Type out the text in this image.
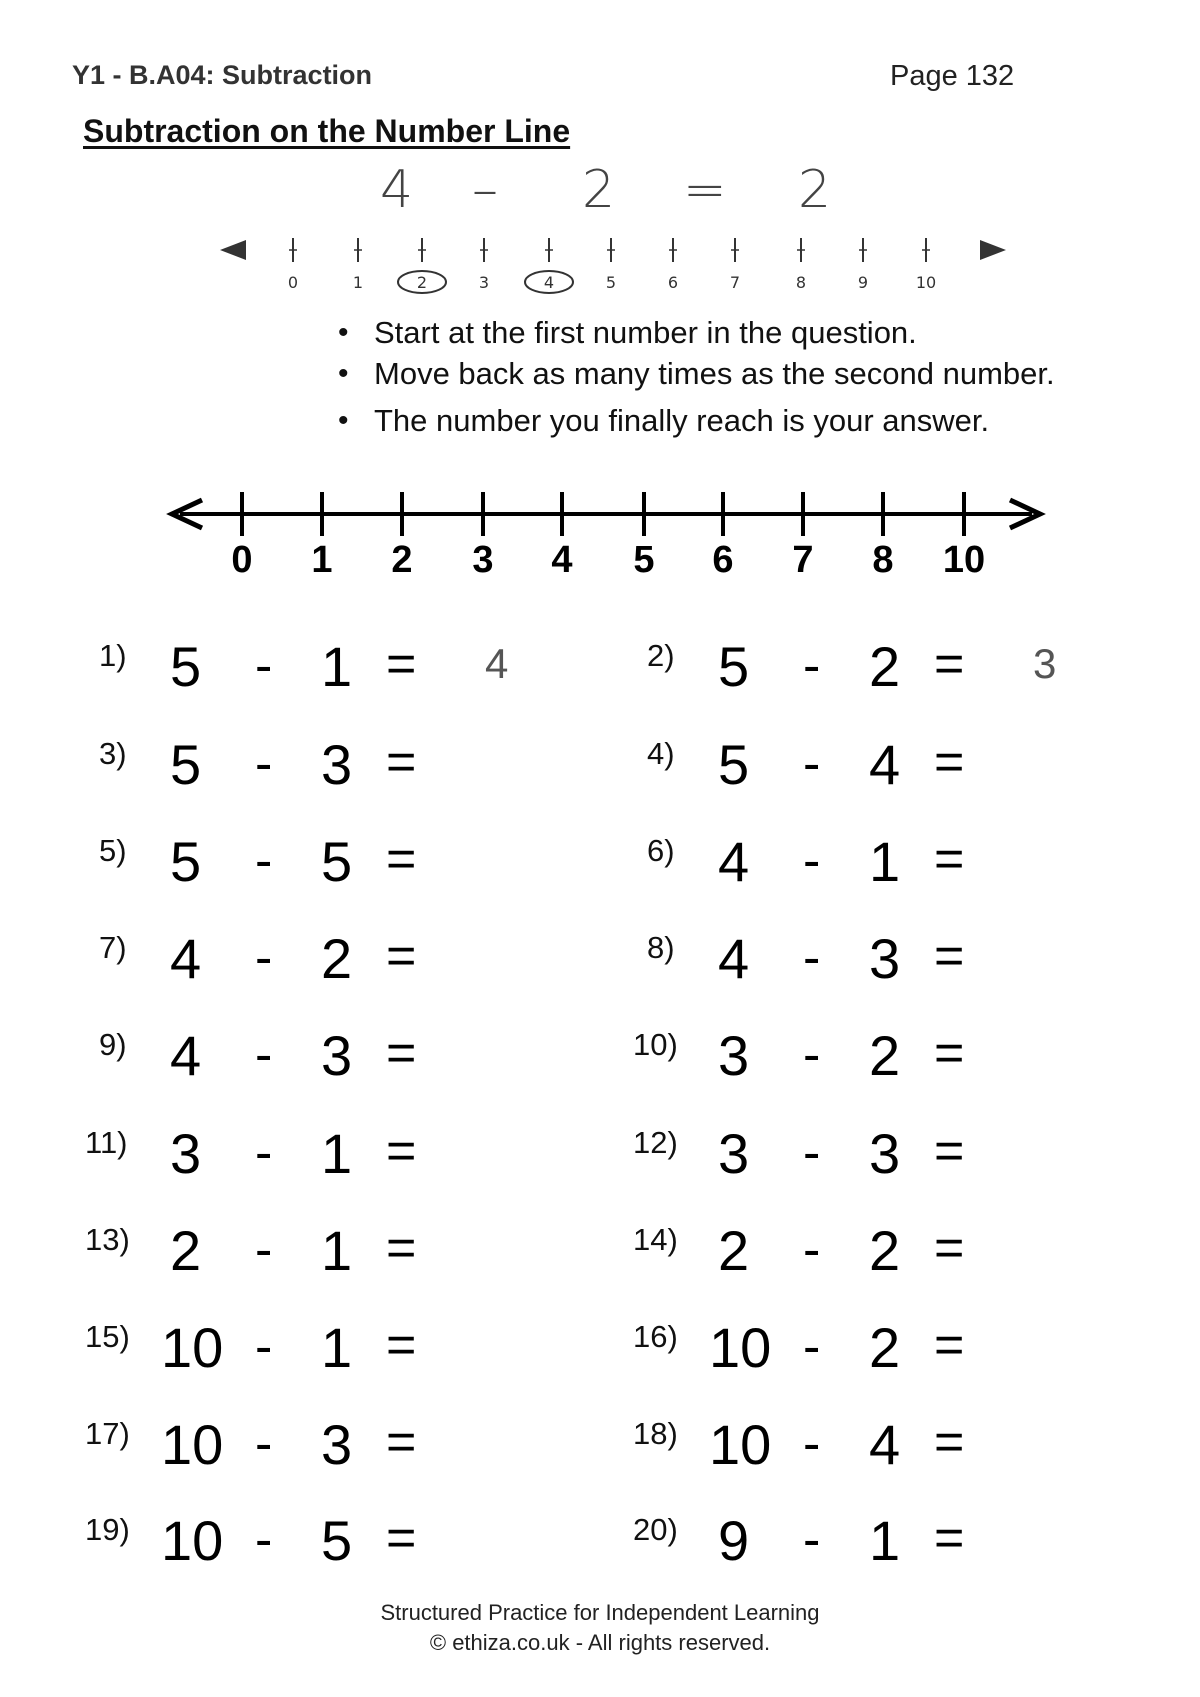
Y1 - B.A04: Subtraction	Page 132
Subtraction on the Number Line
4 – 2 = 2
0	1	2	3	4	5	6	7	8	9	10
• Start at the first number in the question.
• Move back as many times as the second number.
• The number you finally reach is your answer.
0 1 2 3 4 5 6 7 8 10
1) 5 - 1 = 4	2) 5 - 2 = 3
3) 5 - 3 =	4) 5 - 4 =
5) 5 - 5 =	6) 4 - 1 =
7) 4 - 2 =	8) 4 - 3 =
9) 4 - 3 =	10) 3 - 2 =
11) 3 - 1 =	12) 3 - 3 =
13) 2 - 1 =	14) 2 - 2 =
15) 10 - 1 =	16) 10 - 2 =
17) 10 - 3 =	18) 10 - 4 =
19) 10 - 5 =	20) 9 - 1 =
Structured Practice for Independent Learning
© ethiza.co.uk - All rights reserved.
